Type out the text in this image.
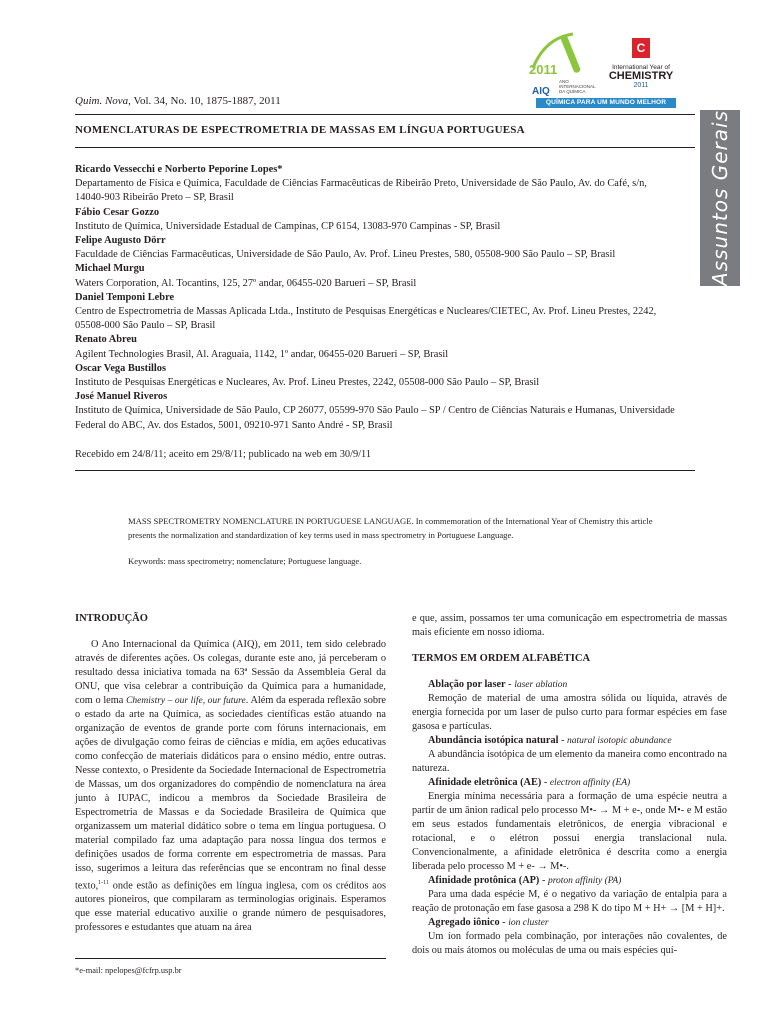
2011
AIQ
ANO
INTERNACIONAL
DA QUÍMICA
C
International Year of
CHEMISTRY
2011
QUÍMICA PARA UM MUNDO MELHOR
Quim. Nova, Vol. 34, No. 10, 1875-1887, 2011
NOMENCLATURAS DE ESPECTROMETRIA DE MASSAS EM LÍNGUA PORTUGUESA	Assuntos Gerais
Ricardo Vessecchi e Norberto Peporine Lopes*
Departamento de Física e Química, Faculdade de Ciências Farmacêuticas de Ribeirão Preto, Universidade de São Paulo, Av. do Café, s/n, 14040-903 Ribeirão Preto – SP, Brasil
Fábio Cesar Gozzo
Instituto de Química, Universidade Estadual de Campinas, CP 6154, 13083-970 Campinas - SP, Brasil
Felipe Augusto Dörr
Faculdade de Ciências Farmacêuticas, Universidade de São Paulo, Av. Prof. Lineu Prestes, 580, 05508-900 São Paulo – SP, Brasil
Michael Murgu
Waters Corporation, Al. Tocantins, 125, 27º andar, 06455-020 Barueri – SP, Brasil
Daniel Temponi Lebre
Centro de Espectrometria de Massas Aplicada Ltda., Instituto de Pesquisas Energéticas e Nucleares/CIETEC, Av. Prof. Lineu Prestes, 2242, 05508-000 São Paulo – SP, Brasil
Renato Abreu
Agilent Technologies Brasil, Al. Araguaia, 1142, 1º andar, 06455-020 Barueri – SP, Brasil
Oscar Vega Bustillos
Instituto de Pesquisas Energéticas e Nucleares, Av. Prof. Lineu Prestes, 2242, 05508-000 São Paulo – SP, Brasil
José Manuel Riveros
Instituto de Química, Universidade de São Paulo, CP 26077, 05599-970 São Paulo – SP / Centro de Ciências Naturais e Humanas, Universidade Federal do ABC, Av. dos Estados, 5001, 09210-971 Santo André - SP, Brasil
Recebido em 24/8/11; aceito em 29/8/11; publicado na web em 30/9/11
MASS SPECTROMETRY NOMENCLATURE IN PORTUGUESE LANGUAGE. In commemoration of the International Year of Chemistry this article presents the normalization and standardization of key terms used in mass spectrometry in Portuguese Language.
Keywords: mass spectrometry; nomenclature; Portuguese language.
INTRODUÇÃO

O Ano Internacional da Química (AIQ), em 2011, tem sido celebrado através de diferentes ações. Os colegas, durante este ano, já perceberam o resultado dessa iniciativa tomada na 63ª Sessão da Assembleia Geral da ONU, que visa celebrar a contribuição da Química para a humanidade, com o lema Chemistry – our life, our future. Além da esperada reflexão sobre o estado da arte na Química, as sociedades científicas estão atuando na organização de eventos de grande porte com fóruns internacionais, em ações de divulgação como feiras de ciências e mídia, em ações educativas como confecção de materiais didáticos para o ensino médio, entre outras. Nesse contexto, o Presidente da Sociedade Internacional de Espectrometria de Massas, um dos organizadores do compêndio de nomenclatura na área junto à IUPAC, indicou a membros da Sociedade Brasileira de Espectrometria de Massas e da Sociedade Brasileira de Química que organizassem um material didático sobre o tema em língua portuguesa. O material compilado faz uma adaptação para nossa língua dos termos e definições usados de forma corrente em espectrometria de massas. Para isso, sugerimos a leitura das referências que se encontram no final desse texto,$^{1-11}$ onde estão as definições em língua inglesa, com os créditos aos autores pioneiros, que compilaram as terminologias originais. Esperamos que esse material educativo auxilie o grande número de pesquisadores, professores e estudantes que atuam na área

e que, assim, possamos ter uma comunicação em espectrometria de massas mais eficiente em nosso idioma.

TERMOS EM ORDEM ALFABÉTICA

Ablação por laser - laser ablation

Remoção de material de uma amostra sólida ou líquida, através de energia fornecida por um laser de pulso curto para formar espécies em fase gasosa e partículas.

Abundância isotópica natural - natural isotopic abundance

A abundância isotópica de um elemento da maneira como encontrado na natureza.

Afinidade eletrônica (AE) - electron affinity (EA)

Energia mínima necessária para a formação de uma espécie neutra a partir de um ânion radical pelo processo M•- → M + e-, onde M•- e M estão em seus estados fundamentais eletrônicos, de energia vibracional e rotacional, e o elétron possui energia translacional nula. Convencionalmente, a afinidade eletrônica é descrita como a energia liberada pelo processo M + e- → M•-.

Afinidade protônica (AP) - proton affinity (PA)

Para uma dada espécie M, é o negativo da variação de entalpia para a reação de protonação em fase gasosa a 298 K do tipo M + H+ → [M + H]+.

Agregado iônico - ion cluster

Um íon formado pela combinação, por interações não covalentes, de dois ou mais átomos ou moléculas de uma ou mais espécies quí-

*e-mail: npelopes@fcfrp.usp.br
